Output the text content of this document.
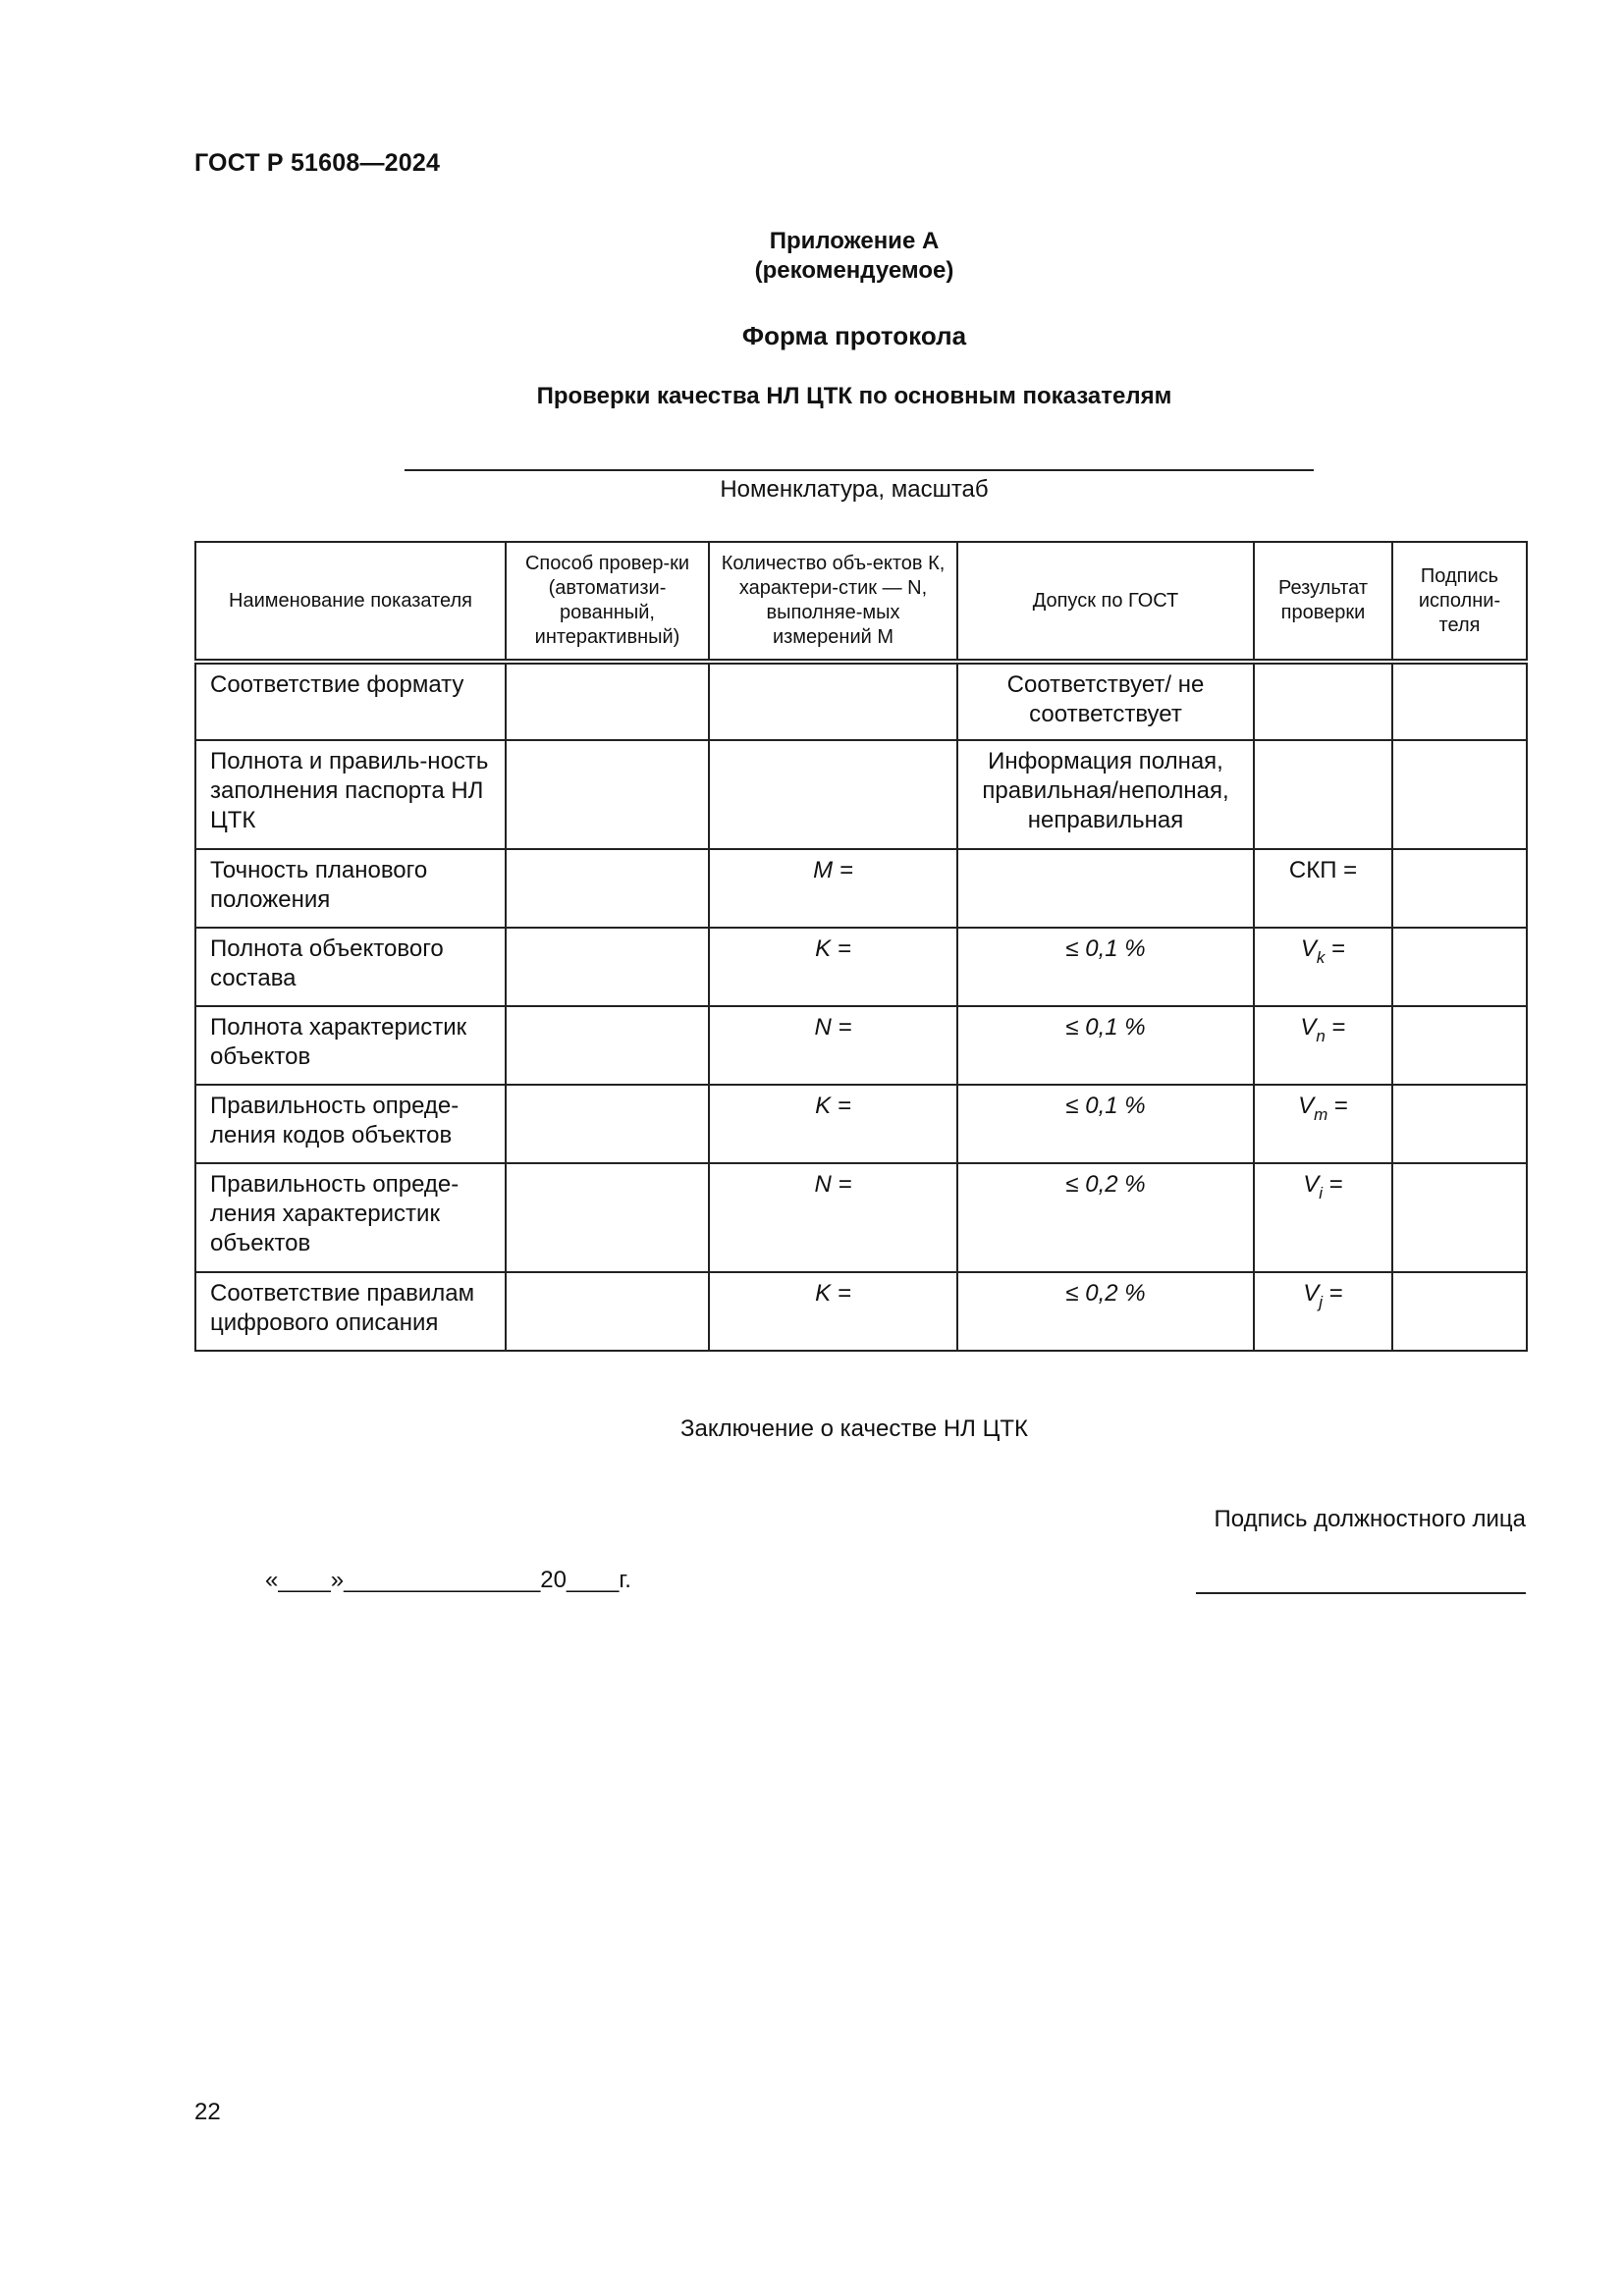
ГОСТ Р 51608—2024
Приложение А
(рекомендуемое)
Форма протокола
Проверки качества НЛ ЦТК по основным показателям
Номенклатура, масштаб
Наименование показателя	Способ провер-ки (автоматизи-рованный, интерактивный)	Количество объ-ектов К, характери-стик — N, выполняе-мых измерений М	Допуск по ГОСТ	Результат проверки	Подпись исполни-теля
Соответствие формату			Соответствует/ не соответствует		
Полнота и правиль-ность заполнения паспорта НЛ ЦТК			Информация полная, правильная/неполная, неправильная		
Точность планового положения		M =		СКП =	
Полнота объектового состава		K =	≤ 0,1 %	$V_k$ =	
Полнота характеристик объектов		N =	≤ 0,1 %	$V_n$ =	
Правильность опреде-ления кодов объектов		K =	≤ 0,1 %	$V_m$ =	
Правильность опреде-ления характеристик объектов		N =	≤ 0,2 %	$V_i$ =	
Соответствие правилам цифрового описания		K =	≤ 0,2 %	$V_j$ =	
Заключение о качестве НЛ ЦТК
Подпись должностного лица
«____»_______________20____г.
22
